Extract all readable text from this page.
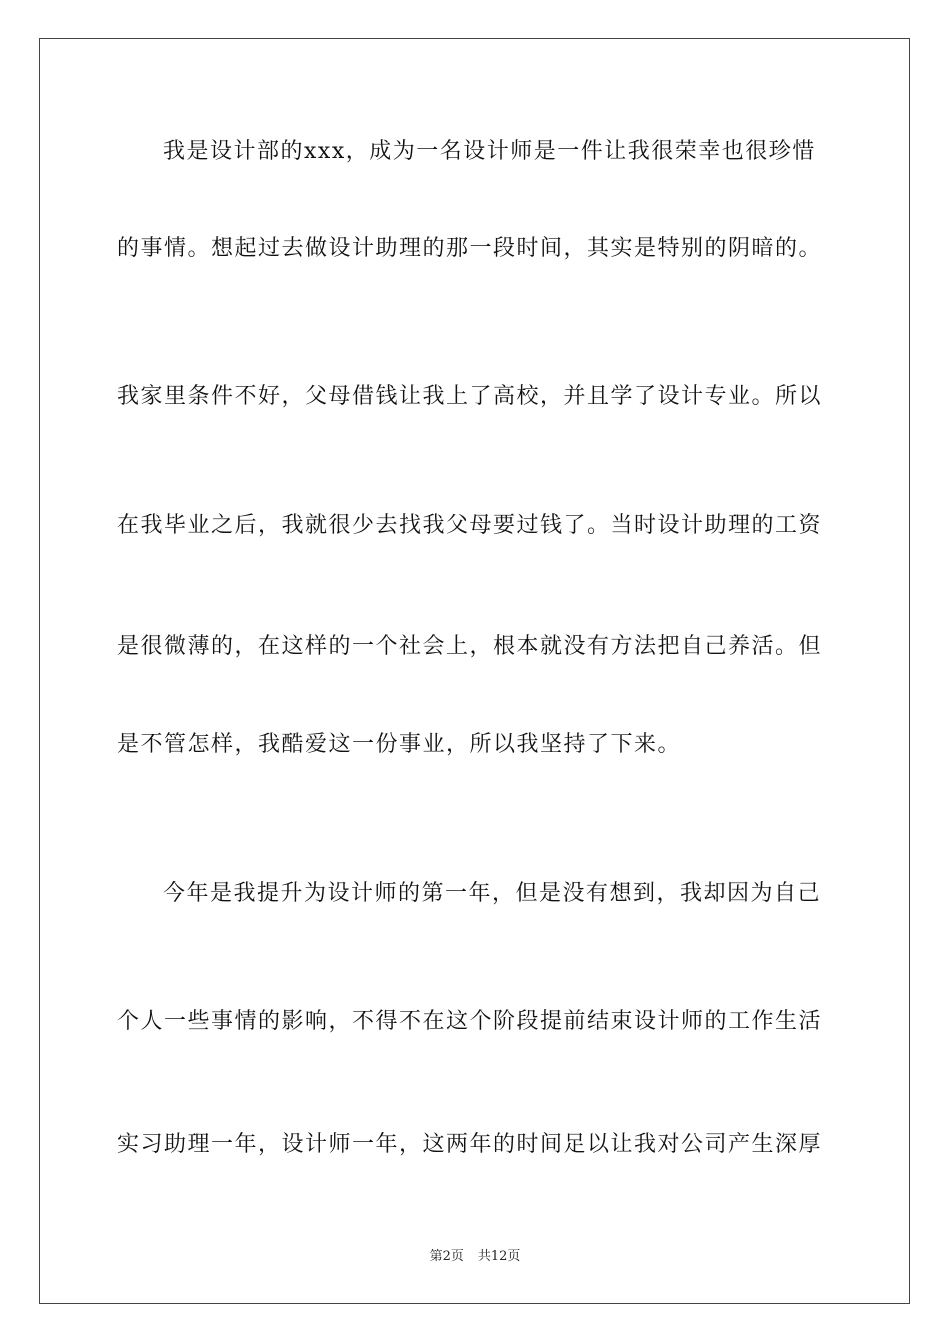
我是设计部的xxx，成为一名设计师是一件让我很荣幸也很珍惜
的事情。想起过去做设计助理的那一段时间，其实是特别的阴暗的。
我家里条件不好，父母借钱让我上了高校，并且学了设计专业。所以
在我毕业之后，我就很少去找我父母要过钱了。当时设计助理的工资
是很微薄的，在这样的一个社会上，根本就没有方法把自己养活。但
是不管怎样，我酷爱这一份事业，所以我坚持了下来。
今年是我提升为设计师的第一年，但是没有想到，我却因为自己
个人一些事情的影响，不得不在这个阶段提前结束设计师的工作生活
实习助理一年，设计师一年，这两年的时间足以让我对公司产生深厚
第2页 共12页
